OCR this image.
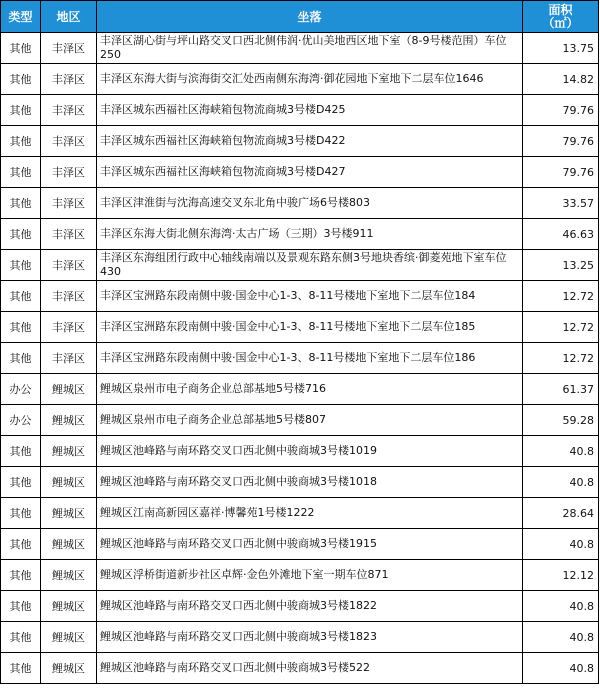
类型	地区	坐落	面积
（㎡）
其他	丰泽区	丰泽区湖心街与坪山路交叉口西北侧伟润·优山美地西区地下室（8-9号楼范围）车位250	13.75
其他	丰泽区	丰泽区东海大街与滨海街交汇处西南侧东海湾·御花园地下室地下二层车位1646	14.82
其他	丰泽区	丰泽区城东西福社区海峡箱包物流商城3号楼D425	79.76
其他	丰泽区	丰泽区城东西福社区海峡箱包物流商城3号楼D422	79.76
其他	丰泽区	丰泽区城东西福社区海峡箱包物流商城3号楼D427	79.76
其他	丰泽区	丰泽区津淮街与沈海高速交叉东北角中骏广场6号楼803	33.57
其他	丰泽区	丰泽区东海大街北侧东海湾·太古广场（三期）3号楼911	46.63
其他	丰泽区	丰泽区东海组团行政中心轴线南端以及景观东路东侧3号地块香缤·御菱苑地下室车位430	13.25
其他	丰泽区	丰泽区宝洲路东段南侧中骏·国金中心1-3、8-11号楼地下室地下二层车位184	12.72
其他	丰泽区	丰泽区宝洲路东段南侧中骏·国金中心1-3、8-11号楼地下室地下二层车位185	12.72
其他	丰泽区	丰泽区宝洲路东段南侧中骏·国金中心1-3、8-11号楼地下室地下二层车位186	12.72
办公	鲤城区	鲤城区泉州市电子商务企业总部基地5号楼716	61.37
办公	鲤城区	鲤城区泉州市电子商务企业总部基地5号楼807	59.28
其他	鲤城区	鲤城区池峰路与南环路交叉口西北侧中骏商城3号楼1019	40.8
其他	鲤城区	鲤城区池峰路与南环路交叉口西北侧中骏商城3号楼1018	40.8
其他	鲤城区	鲤城区江南高新园区嘉祥·博馨苑1号楼1222	28.64
其他	鲤城区	鲤城区池峰路与南环路交叉口西北侧中骏商城3号楼1915	40.8
其他	鲤城区	鲤城区浮桥街道新步社区卓辉·金色外滩地下室一期车位871	12.12
其他	鲤城区	鲤城区池峰路与南环路交叉口西北侧中骏商城3号楼1822	40.8
其他	鲤城区	鲤城区池峰路与南环路交叉口西北侧中骏商城3号楼1823	40.8
其他	鲤城区	鲤城区池峰路与南环路交叉口西北侧中骏商城3号楼522	40.8
